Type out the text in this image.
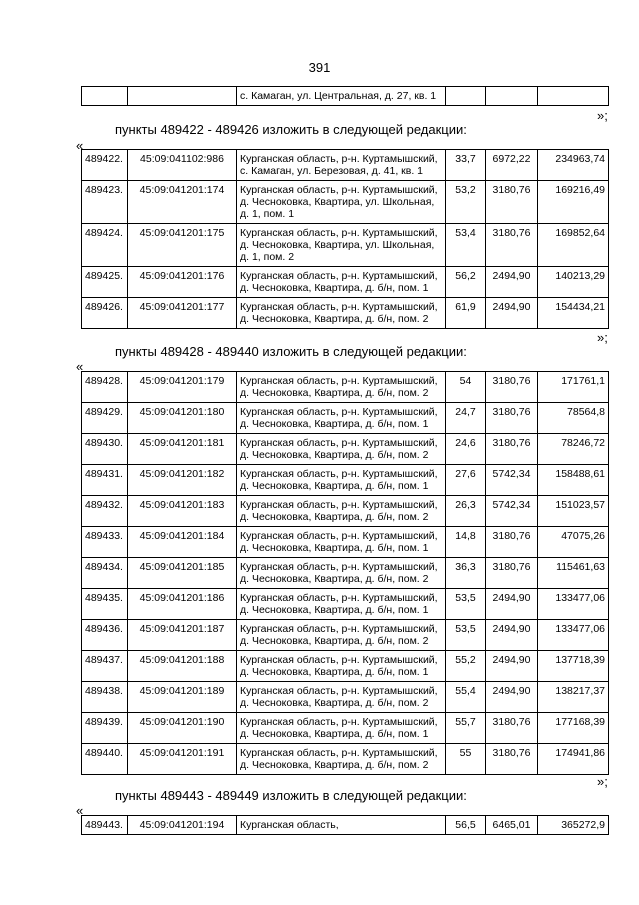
391
		с. Камаган, ул. Центральная, д. 27, кв. 1			
»;
пункты 489422 - 489426 изложить в следующей редакции:
«
489422.	45:09:041102:986	Курганская область, р-н. Куртамышский, с. Камаган, ул. Березовая, д. 41, кв. 1	33,7	6972,22	234963,74
489423.	45:09:041201:174	Курганская область, р-н. Куртамышский, д. Чесноковка, Квартира, ул. Школьная, д. 1, пом. 1	53,2	3180,76	169216,49
489424.	45:09:041201:175	Курганская область, р-н. Куртамышский, д. Чесноковка, Квартира, ул. Школьная, д. 1, пом. 2	53,4	3180,76	169852,64
489425.	45:09:041201:176	Курганская область, р-н. Куртамышский, д. Чесноковка, Квартира, д. б/н, пом. 1	56,2	2494,90	140213,29
489426.	45:09:041201:177	Курганская область, р-н. Куртамышский, д. Чесноковка, Квартира, д. б/н, пом. 2	61,9	2494,90	154434,21
»;
пункты 489428 - 489440 изложить в следующей редакции:
«
489428.	45:09:041201:179	Курганская область, р-н. Куртамышский, д. Чесноковка, Квартира, д. б/н, пом. 2	54	3180,76	171761,1
489429.	45:09:041201:180	Курганская область, р-н. Куртамышский, д. Чесноковка, Квартира, д. б/н, пом. 1	24,7	3180,76	78564,8
489430.	45:09:041201:181	Курганская область, р-н. Куртамышский, д. Чесноковка, Квартира, д. б/н, пом. 2	24,6	3180,76	78246,72
489431.	45:09:041201:182	Курганская область, р-н. Куртамышский, д. Чесноковка, Квартира, д. б/н, пом. 1	27,6	5742,34	158488,61
489432.	45:09:041201:183	Курганская область, р-н. Куртамышский, д. Чесноковка, Квартира, д. б/н, пом. 2	26,3	5742,34	151023,57
489433.	45:09:041201:184	Курганская область, р-н. Куртамышский, д. Чесноковка, Квартира, д. б/н, пом. 1	14,8	3180,76	47075,26
489434.	45:09:041201:185	Курганская область, р-н. Куртамышский, д. Чесноковка, Квартира, д. б/н, пом. 2	36,3	3180,76	115461,63
489435.	45:09:041201:186	Курганская область, р-н. Куртамышский, д. Чесноковка, Квартира, д. б/н, пом. 1	53,5	2494,90	133477,06
489436.	45:09:041201:187	Курганская область, р-н. Куртамышский, д. Чесноковка, Квартира, д. б/н, пом. 2	53,5	2494,90	133477,06
489437.	45:09:041201:188	Курганская область, р-н. Куртамышский, д. Чесноковка, Квартира, д. б/н, пом. 1	55,2	2494,90	137718,39
489438.	45:09:041201:189	Курганская область, р-н. Куртамышский, д. Чесноковка, Квартира, д. б/н, пом. 2	55,4	2494,90	138217,37
489439.	45:09:041201:190	Курганская область, р-н. Куртамышский, д. Чесноковка, Квартира, д. б/н, пом. 1	55,7	3180,76	177168,39
489440.	45:09:041201:191	Курганская область, р-н. Куртамышский, д. Чесноковка, Квартира, д. б/н, пом. 2	55	3180,76	174941,86
»;
пункты 489443 - 489449 изложить в следующей редакции:
«
489443.	45:09:041201:194	Курганская область,	56,5	6465,01	365272,9
